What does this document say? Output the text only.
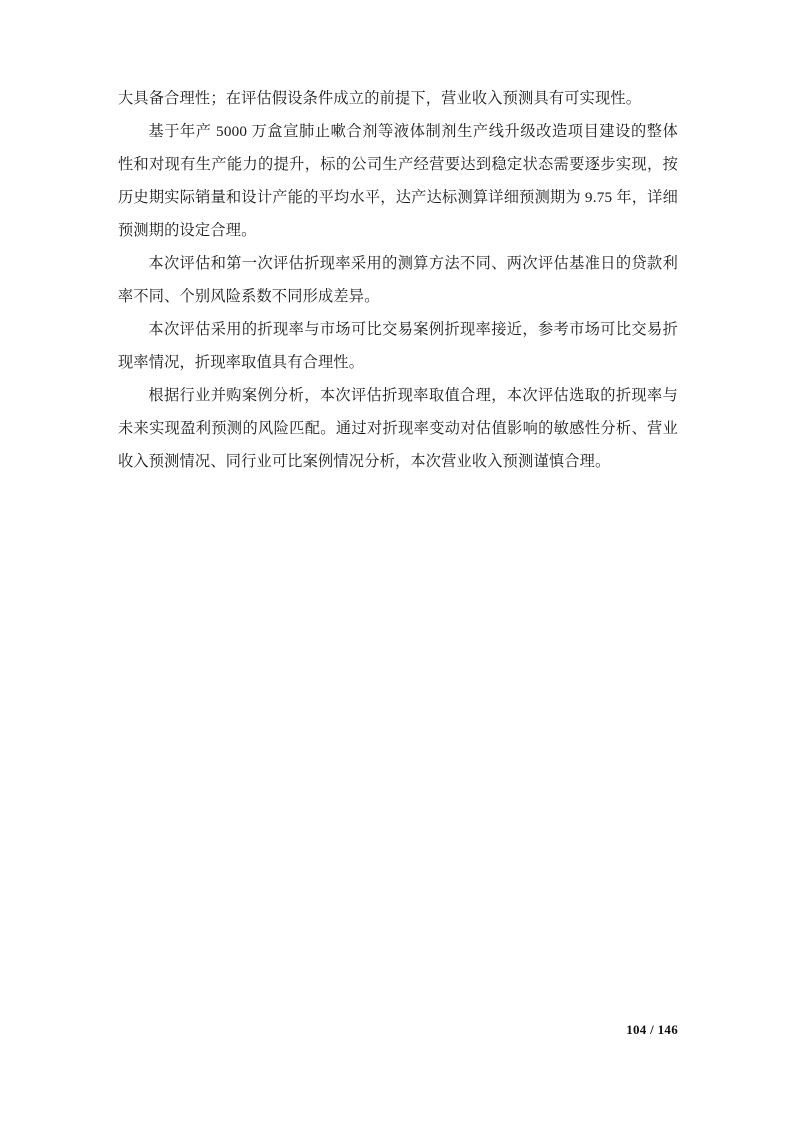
大具备合理性；在评估假设条件成立的前提下，营业收入预测具有可实现性。

基于年产 5000 万盒宣肺止嗽合剂等液体制剂生产线升级改造项目建设的整体性和对现有生产能力的提升，标的公司生产经营要达到稳定状态需要逐步实现，按历史期实际销量和设计产能的平均水平，达产达标测算详细预测期为 9.75 年，详细预测期的设定合理。

本次评估和第一次评估折现率采用的测算方法不同、两次评估基准日的贷款利率不同、个别风险系数不同形成差异。

本次评估采用的折现率与市场可比交易案例折现率接近，参考市场可比交易折现率情况，折现率取值具有合理性。

根据行业并购案例分析，本次评估折现率取值合理，本次评估选取的折现率与未来实现盈利预测的风险匹配。通过对折现率变动对估值影响的敏感性分析、营业收入预测情况、同行业可比案例情况分析，本次营业收入预测谨慎合理。

104 / 146
